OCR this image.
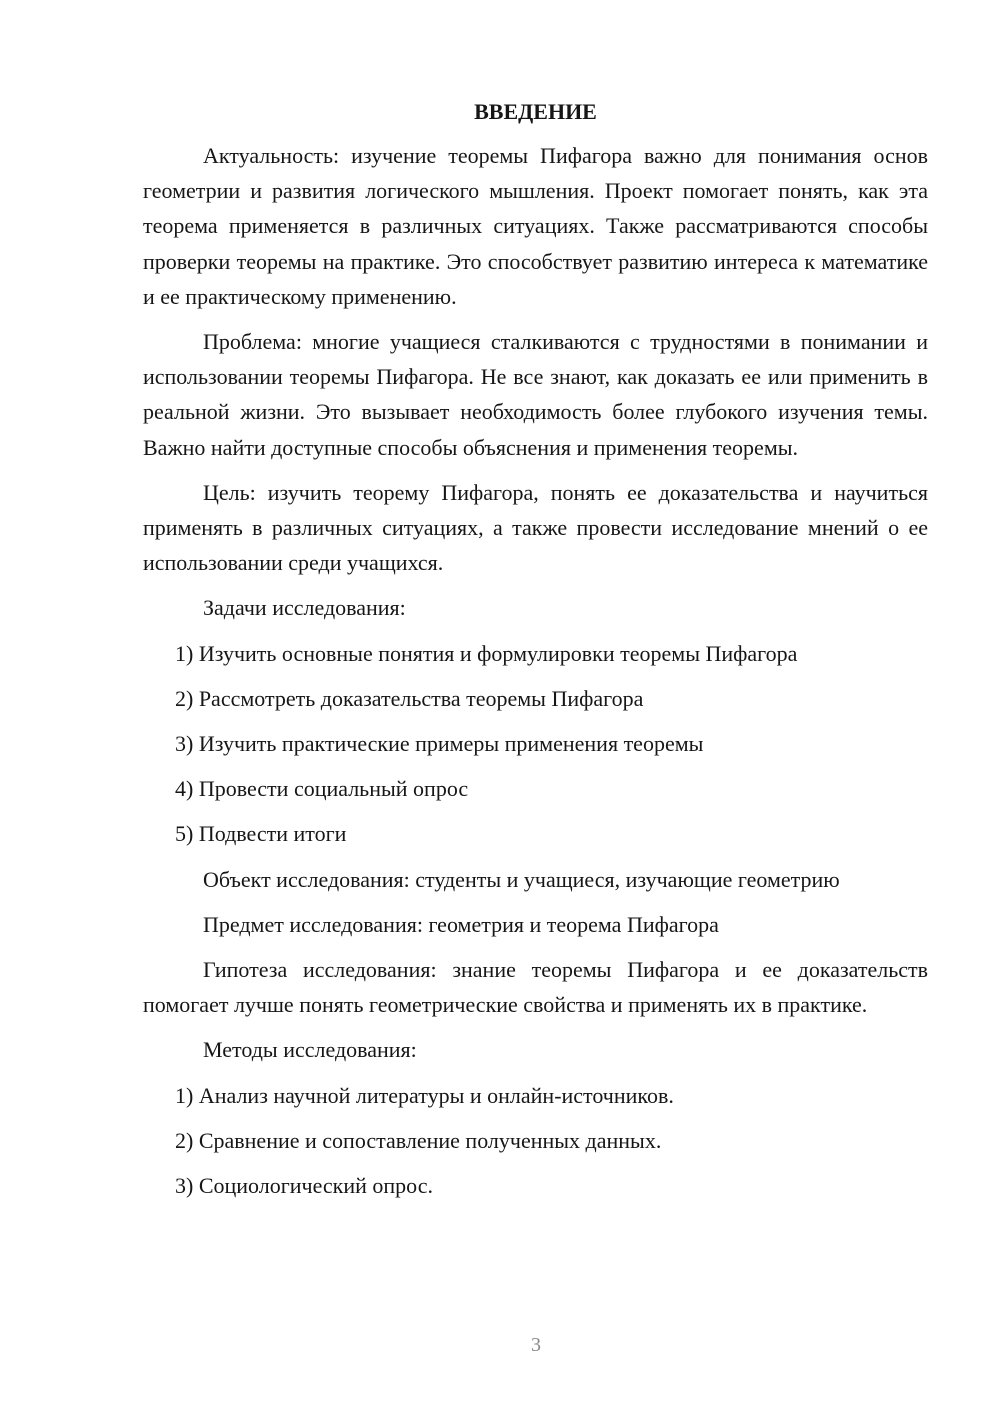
ВВЕДЕНИЕ

Актуальность: изучение теоремы Пифагора важно для понимания основ геометрии и развития логического мышления. Проект помогает понять, как эта теорема применяется в различных ситуациях. Также рассматриваются способы проверки теоремы на практике. Это способствует развитию интереса к математике и ее практическому применению.

Проблема: многие учащиеся сталкиваются с трудностями в понимании и использовании теоремы Пифагора. Не все знают, как доказать ее или применить в реальной жизни. Это вызывает необходимость более глубокого изучения темы. Важно найти доступные способы объяснения и применения теоремы.

Цель: изучить теорему Пифагора, понять ее доказательства и научиться применять в различных ситуациях, а также провести исследование мнений о ее использовании среди учащихся.

Задачи исследования:

1) Изучить основные понятия и формулировки теоремы Пифагора

2) Рассмотреть доказательства теоремы Пифагора

3) Изучить практические примеры применения теоремы

4) Провести социальный опрос

5) Подвести итоги

Объект исследования: студенты и учащиеся, изучающие геометрию

Предмет исследования: геометрия и теорема Пифагора

Гипотеза исследования: знание теоремы Пифагора и ее доказательств помогает лучше понять геометрические свойства и применять их в практике.

Методы исследования:

1) Анализ научной литературы и онлайн-источников.

2) Сравнение и сопоставление полученных данных.

3) Социологический опрос.

3
